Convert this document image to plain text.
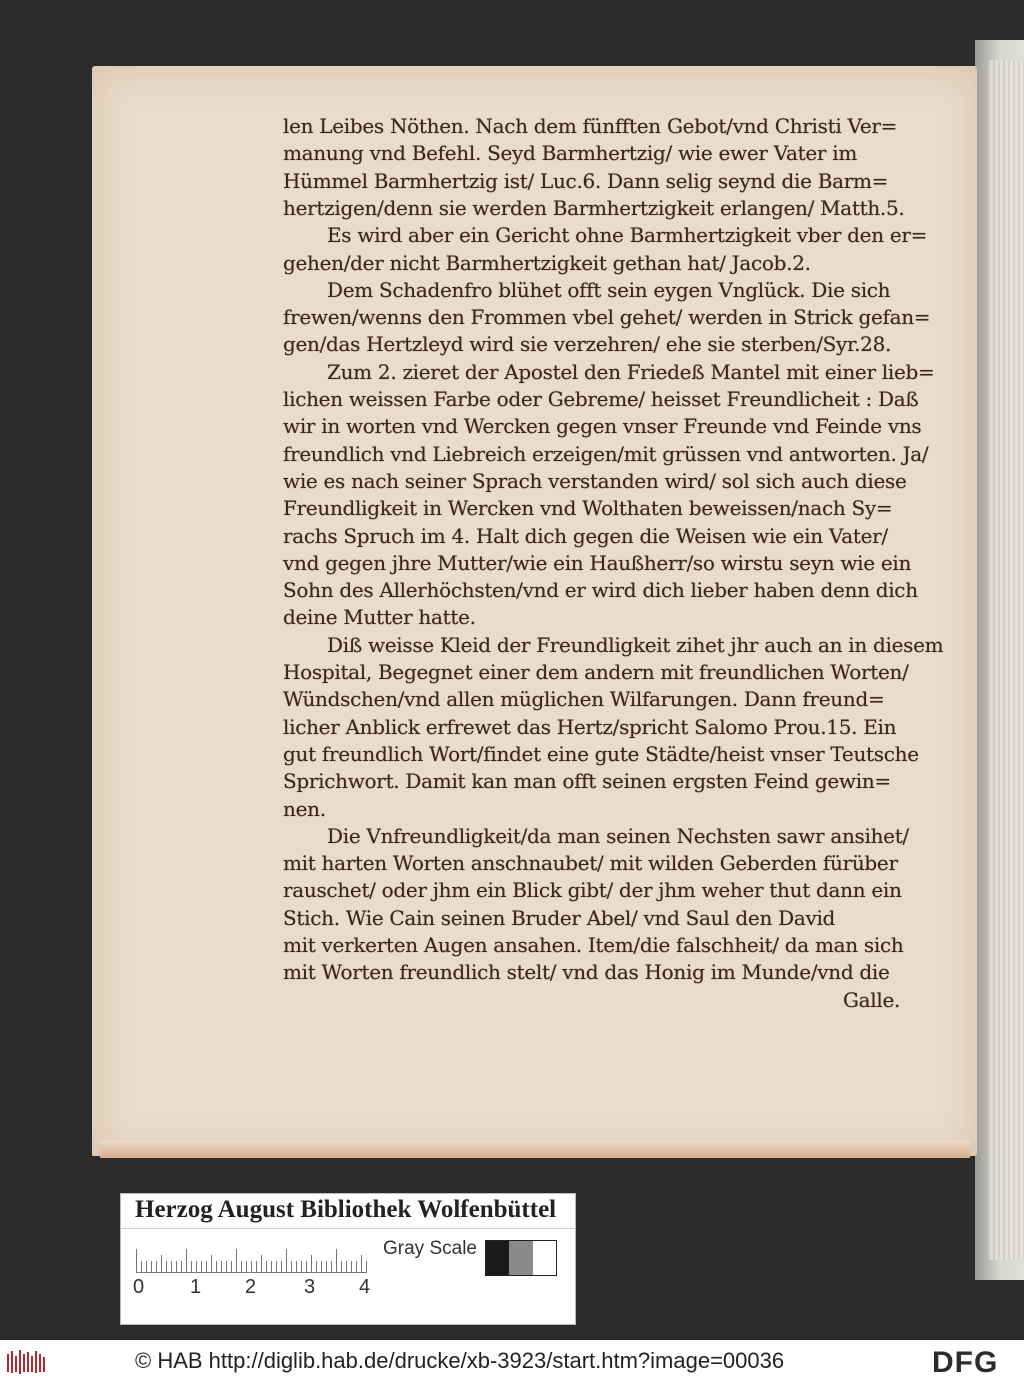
len Leibes Nöthen. Nach dem fünfften Gebot/vnd Christi Ver=
manung vnd Befehl. Seyd Barmhertzig/ wie ewer Vater im
Hümmel Barmhertzig ist/ Luc.6. Dann selig seynd die Barm=
hertzigen/denn sie werden Barmhertzigkeit erlangen/ Matth.5.
Es wird aber ein Gericht ohne Barmhertzigkeit vber den er=
gehen/der nicht Barmhertzigkeit gethan hat/ Jacob.2.
Dem Schadenfro blühet offt sein eygen Vnglück. Die sich
frewen/wenns den Frommen vbel gehet/ werden in Strick gefan=
gen/das Hertzleyd wird sie verzehren/ ehe sie sterben/Syr.28.
Zum 2. zieret der Apostel den Friedeß Mantel mit einer lieb=
lichen weissen Farbe oder Gebreme/ heisset Freundlicheit : Daß
wir in worten vnd Wercken gegen vnser Freunde vnd Feinde vns
freundlich vnd Liebreich erzeigen/mit grüssen vnd antworten. Ja/
wie es nach seiner Sprach verstanden wird/ sol sich auch diese
Freundligkeit in Wercken vnd Wolthaten beweissen/nach Sy=
rachs Spruch im 4. Halt dich gegen die Weisen wie ein Vater/
vnd gegen jhre Mutter/wie ein Haußherr/so wirstu seyn wie ein
Sohn des Allerhöchsten/vnd er wird dich lieber haben denn dich
deine Mutter hatte.
Diß weisse Kleid der Freundligkeit zihet jhr auch an in diesem
Hospital, Begegnet einer dem andern mit freundlichen Worten/
Wündschen/vnd allen müglichen Wilfarungen. Dann freund=
licher Anblick erfrewet das Hertz/spricht Salomo Prou.15. Ein
gut freundlich Wort/findet eine gute Städte/heist vnser Teutsche
Sprichwort. Damit kan man offt seinen ergsten Feind gewin=
nen.
Die Vnfreundligkeit/da man seinen Nechsten sawr ansihet/
mit harten Worten anschnaubet/ mit wilden Geberden fürüber
rauschet/ oder jhm ein Blick gibt/ der jhm weher thut dann ein
Stich. Wie Cain seinen Bruder Abel/ vnd Saul den David
mit verkerten Augen ansahen. Item/die falschheit/ da man sich
mit Worten freundlich stelt/ vnd das Honig im Munde/vnd die
Galle.
Herzog August Bibliothek Wolfenbüttel
0 1 2 3 4
Gray Scale
© HAB http://diglib.hab.de/drucke/xb-3923/start.htm?image=00036	DFG
